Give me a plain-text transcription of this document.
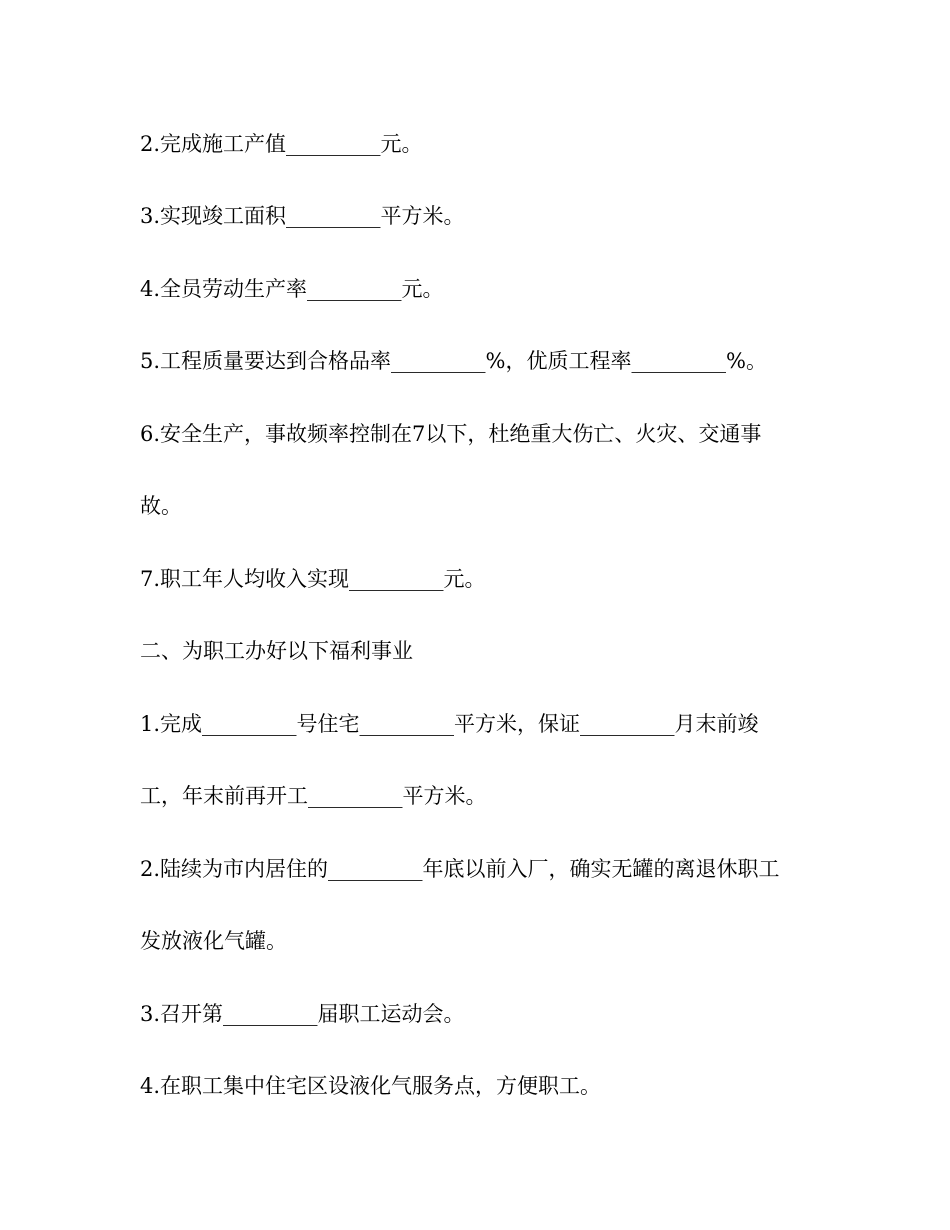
2.完成施工产值_________元。

3.实现竣工面积_________平方米。

4.全员劳动生产率_________元。

5.工程质量要达到合格品率_________%，优质工程率_________%。

6.安全生产，事故频率控制在7以下，杜绝重大伤亡、火灾、交通事

故。

7.职工年人均收入实现_________元。

二、为职工办好以下福利事业

1.完成_________号住宅_________平方米，保证_________月末前竣

工，年末前再开工_________平方米。

2.陆续为市内居住的_________年底以前入厂，确实无罐的离退休职工

发放液化气罐。

3.召开第_________届职工运动会。

4.在职工集中住宅区设液化气服务点，方便职工。
